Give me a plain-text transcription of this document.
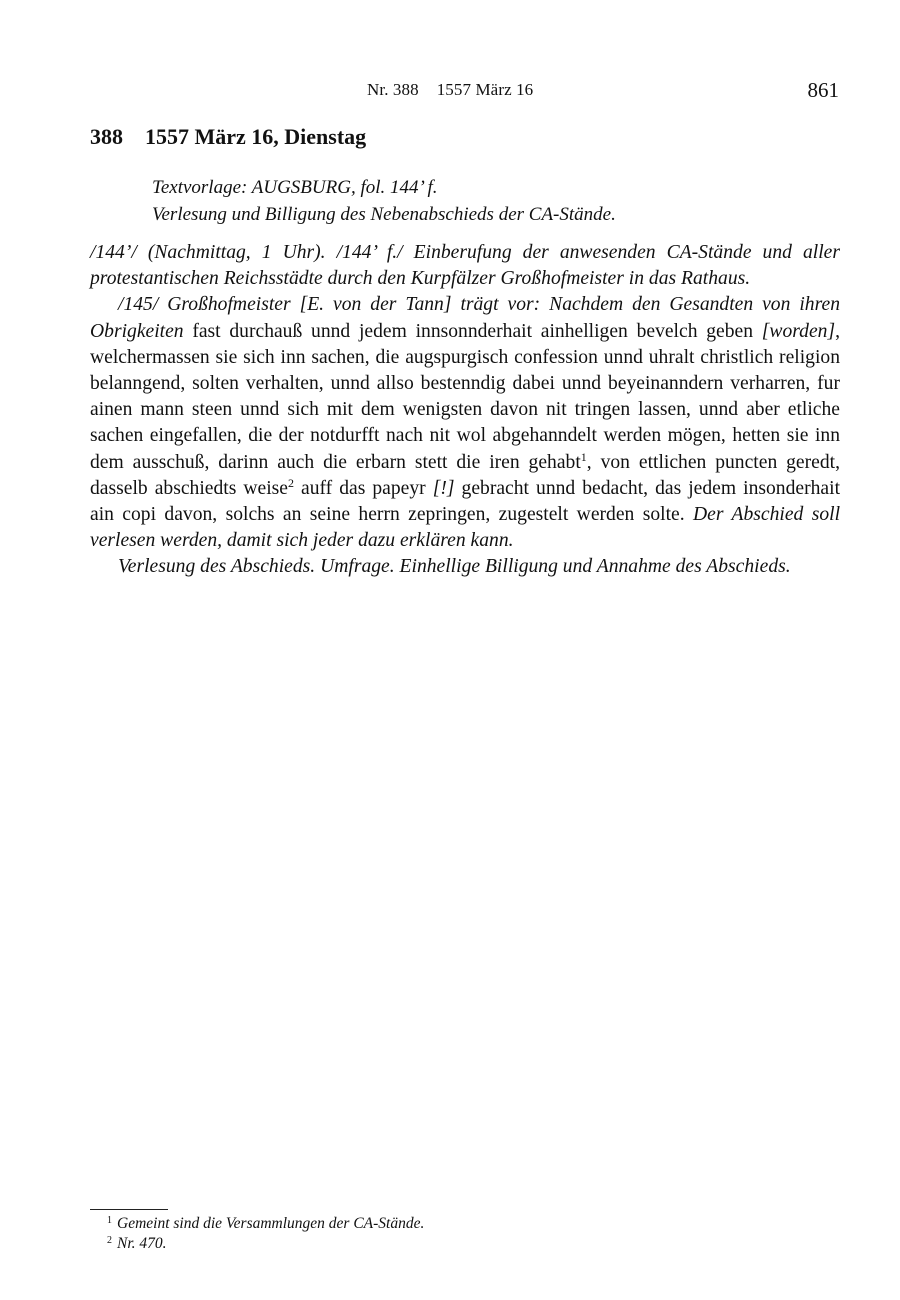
Nr. 388 1557 März 16	861
388 1557 März 16, Dienstag
Textvorlage: AUGSBURG, fol. 144’ f.
Verlesung und Billigung des Nebenabschieds der CA-Stände.

/144’/ (Nachmittag, 1 Uhr). /144’ f./ Einberufung der anwesenden CA-Stände und aller protestantischen Reichsstädte durch den Kurpfälzer Großhofmeister in das Rathaus.

/145/ Großhofmeister [E. von der Tann] trägt vor: Nachdem den Gesandten von ihren Obrigkeiten fast durchauß unnd jedem innsonnderhait ainhelligen bevelch geben [worden], welchermassen sie sich inn sachen, die augspurgisch confession unnd uhralt christlich religion belanngend, solten verhalten, unnd allso bestenndig dabei unnd beyeinanndern verharren, fur ainen mann steen unnd sich mit dem wenigsten davon nit tringen lassen, unnd aber etliche sachen eingefallen, die der notdurfft nach nit wol abgehanndelt werden mögen, hetten sie inn dem ausschuß, darinn auch die erbarn stett die iren gehabt$^1$, von ettlichen puncten geredt, dasselb abschiedts weise$^2$ auff das papeyr [!] gebracht unnd bedacht, das jedem insonderhait ain copi davon, solchs an seine herrn zepringen, zugestelt werden solte. Der Abschied soll verlesen werden, damit sich jeder dazu erklären kann.

Verlesung des Abschieds. Umfrage. Einhellige Billigung und Annahme des Abschieds.

1 Gemeint sind die Versammlungen der CA-Stände.
2 Nr. 470.
